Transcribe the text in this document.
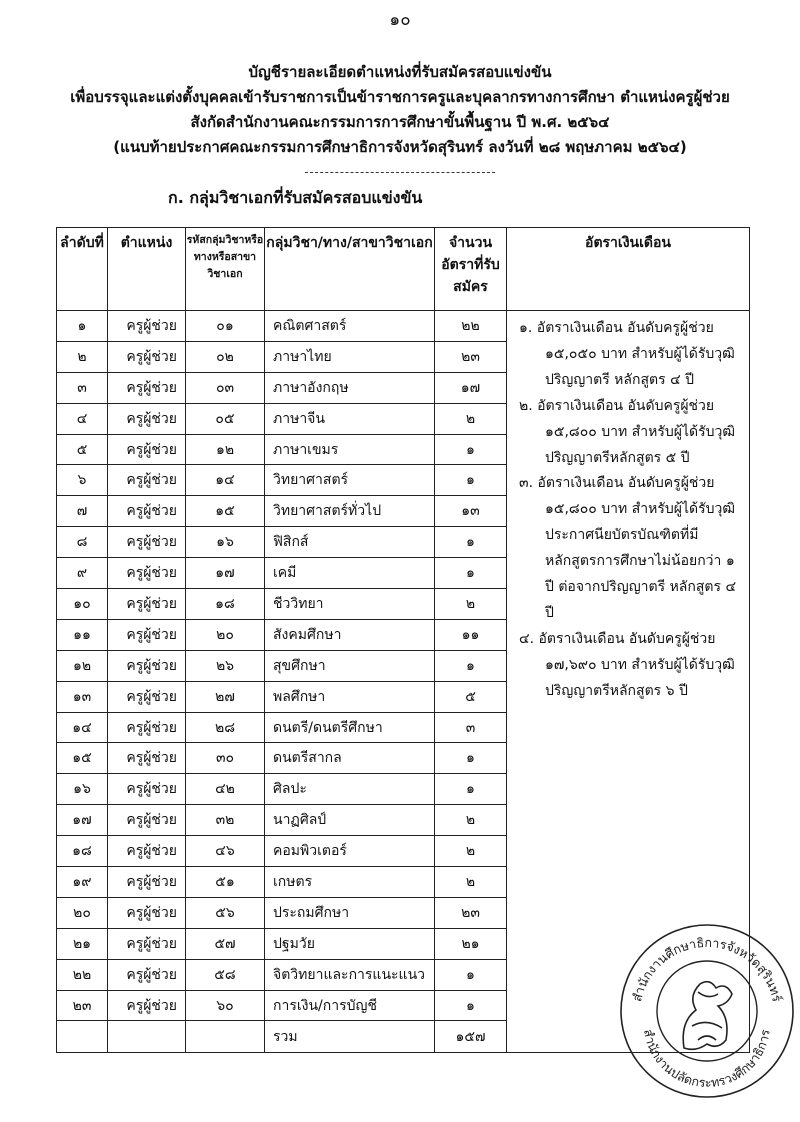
๑๐
บัญชีรายละเอียดตำแหน่งที่รับสมัครสอบแข่งขัน
เพื่อบรรจุและแต่งตั้งบุคคลเข้ารับราชการเป็นข้าราชการครูและบุคลากรทางการศึกษา ตำแหน่งครูผู้ช่วย
สังกัดสำนักงานคณะกรรมการการศึกษาขั้นพื้นฐาน ปี พ.ศ. ๒๕๖๔
(แนบท้ายประกาศคณะกรรมการศึกษาธิการจังหวัดสุรินทร์ ลงวันที่ ๒๘ พฤษภาคม ๒๕๖๔)
ก. กลุ่มวิชาเอกที่รับสมัครสอบแข่งขัน
ลำดับที่	ตำแหน่ง	รหัสกลุ่มวิชาหรือทางหรือสาขาวิชาเอก	กลุ่มวิชา/ทาง/สาขาวิชาเอก	จำนวนอัตราที่รับสมัคร	อัตราเงินเดือน
๑	ครูผู้ช่วย	๐๑	คณิตศาสตร์	๒๒	๑. อัตราเงินเดือน อันดับครูผู้ช่วย ๑๕,๐๕๐ บาท สำหรับผู้ได้รับวุฒิปริญญาตรี หลักสูตร ๔ ปี
๒. อัตราเงินเดือน อันดับครูผู้ช่วย ๑๕,๘๐๐ บาท สำหรับผู้ได้รับวุฒิปริญญาตรีหลักสูตร ๕ ปี
๓. อัตราเงินเดือน อันดับครูผู้ช่วย ๑๕,๘๐๐ บาท สำหรับผู้ได้รับวุฒิประกาศนียบัตรบัณฑิตที่มีหลักสูตรการศึกษาไม่น้อยกว่า ๑ ปี ต่อจากปริญญาตรี หลักสูตร ๔ ปี
๔. อัตราเงินเดือน อันดับครูผู้ช่วย ๑๗,๖๙๐ บาท สำหรับผู้ได้รับวุฒิปริญญาตรีหลักสูตร ๖ ปี

๒	ครูผู้ช่วย	๐๒	ภาษาไทย	๒๓	
๓	ครูผู้ช่วย	๐๓	ภาษาอังกฤษ	๑๗	
๔	ครูผู้ช่วย	๐๕	ภาษาจีน	๒	
๕	ครูผู้ช่วย	๑๒	ภาษาเขมร	๑	
๖	ครูผู้ช่วย	๑๔	วิทยาศาสตร์	๑	
๗	ครูผู้ช่วย	๑๕	วิทยาศาสตร์ทั่วไป	๑๓	
๘	ครูผู้ช่วย	๑๖	ฟิสิกส์	๑	
๙	ครูผู้ช่วย	๑๗	เคมี	๑	
๑๐	ครูผู้ช่วย	๑๘	ชีววิทยา	๒	
๑๑	ครูผู้ช่วย	๒๐	สังคมศึกษา	๑๑	
๑๒	ครูผู้ช่วย	๒๖	สุขศึกษา	๑	
๑๓	ครูผู้ช่วย	๒๗	พลศึกษา	๕	
๑๔	ครูผู้ช่วย	๒๘	ดนตรี/ดนตรีศึกษา	๓	
๑๕	ครูผู้ช่วย	๓๐	ดนตรีสากล	๑	
๑๖	ครูผู้ช่วย	๔๒	ศิลปะ	๑	
๑๗	ครูผู้ช่วย	๓๒	นาฏศิลป์	๒	
๑๘	ครูผู้ช่วย	๔๖	คอมพิวเตอร์	๒	
๑๙	ครูผู้ช่วย	๕๑	เกษตร	๒	
๒๐	ครูผู้ช่วย	๕๖	ประถมศึกษา	๒๓	
๒๑	ครูผู้ช่วย	๕๗	ปฐมวัย	๒๑	
๒๒	ครูผู้ช่วย	๕๘	จิตวิทยาและการแนะแนว	๑	
๒๓	ครูผู้ช่วย	๖๐	การเงิน/การบัญชี	๑	
			รวม	๑๕๗	
สำนักงานศึกษาธิการจังหวัดสุรินทร์
สำนักงานปลัดกระทรวงศึกษาธิการ
